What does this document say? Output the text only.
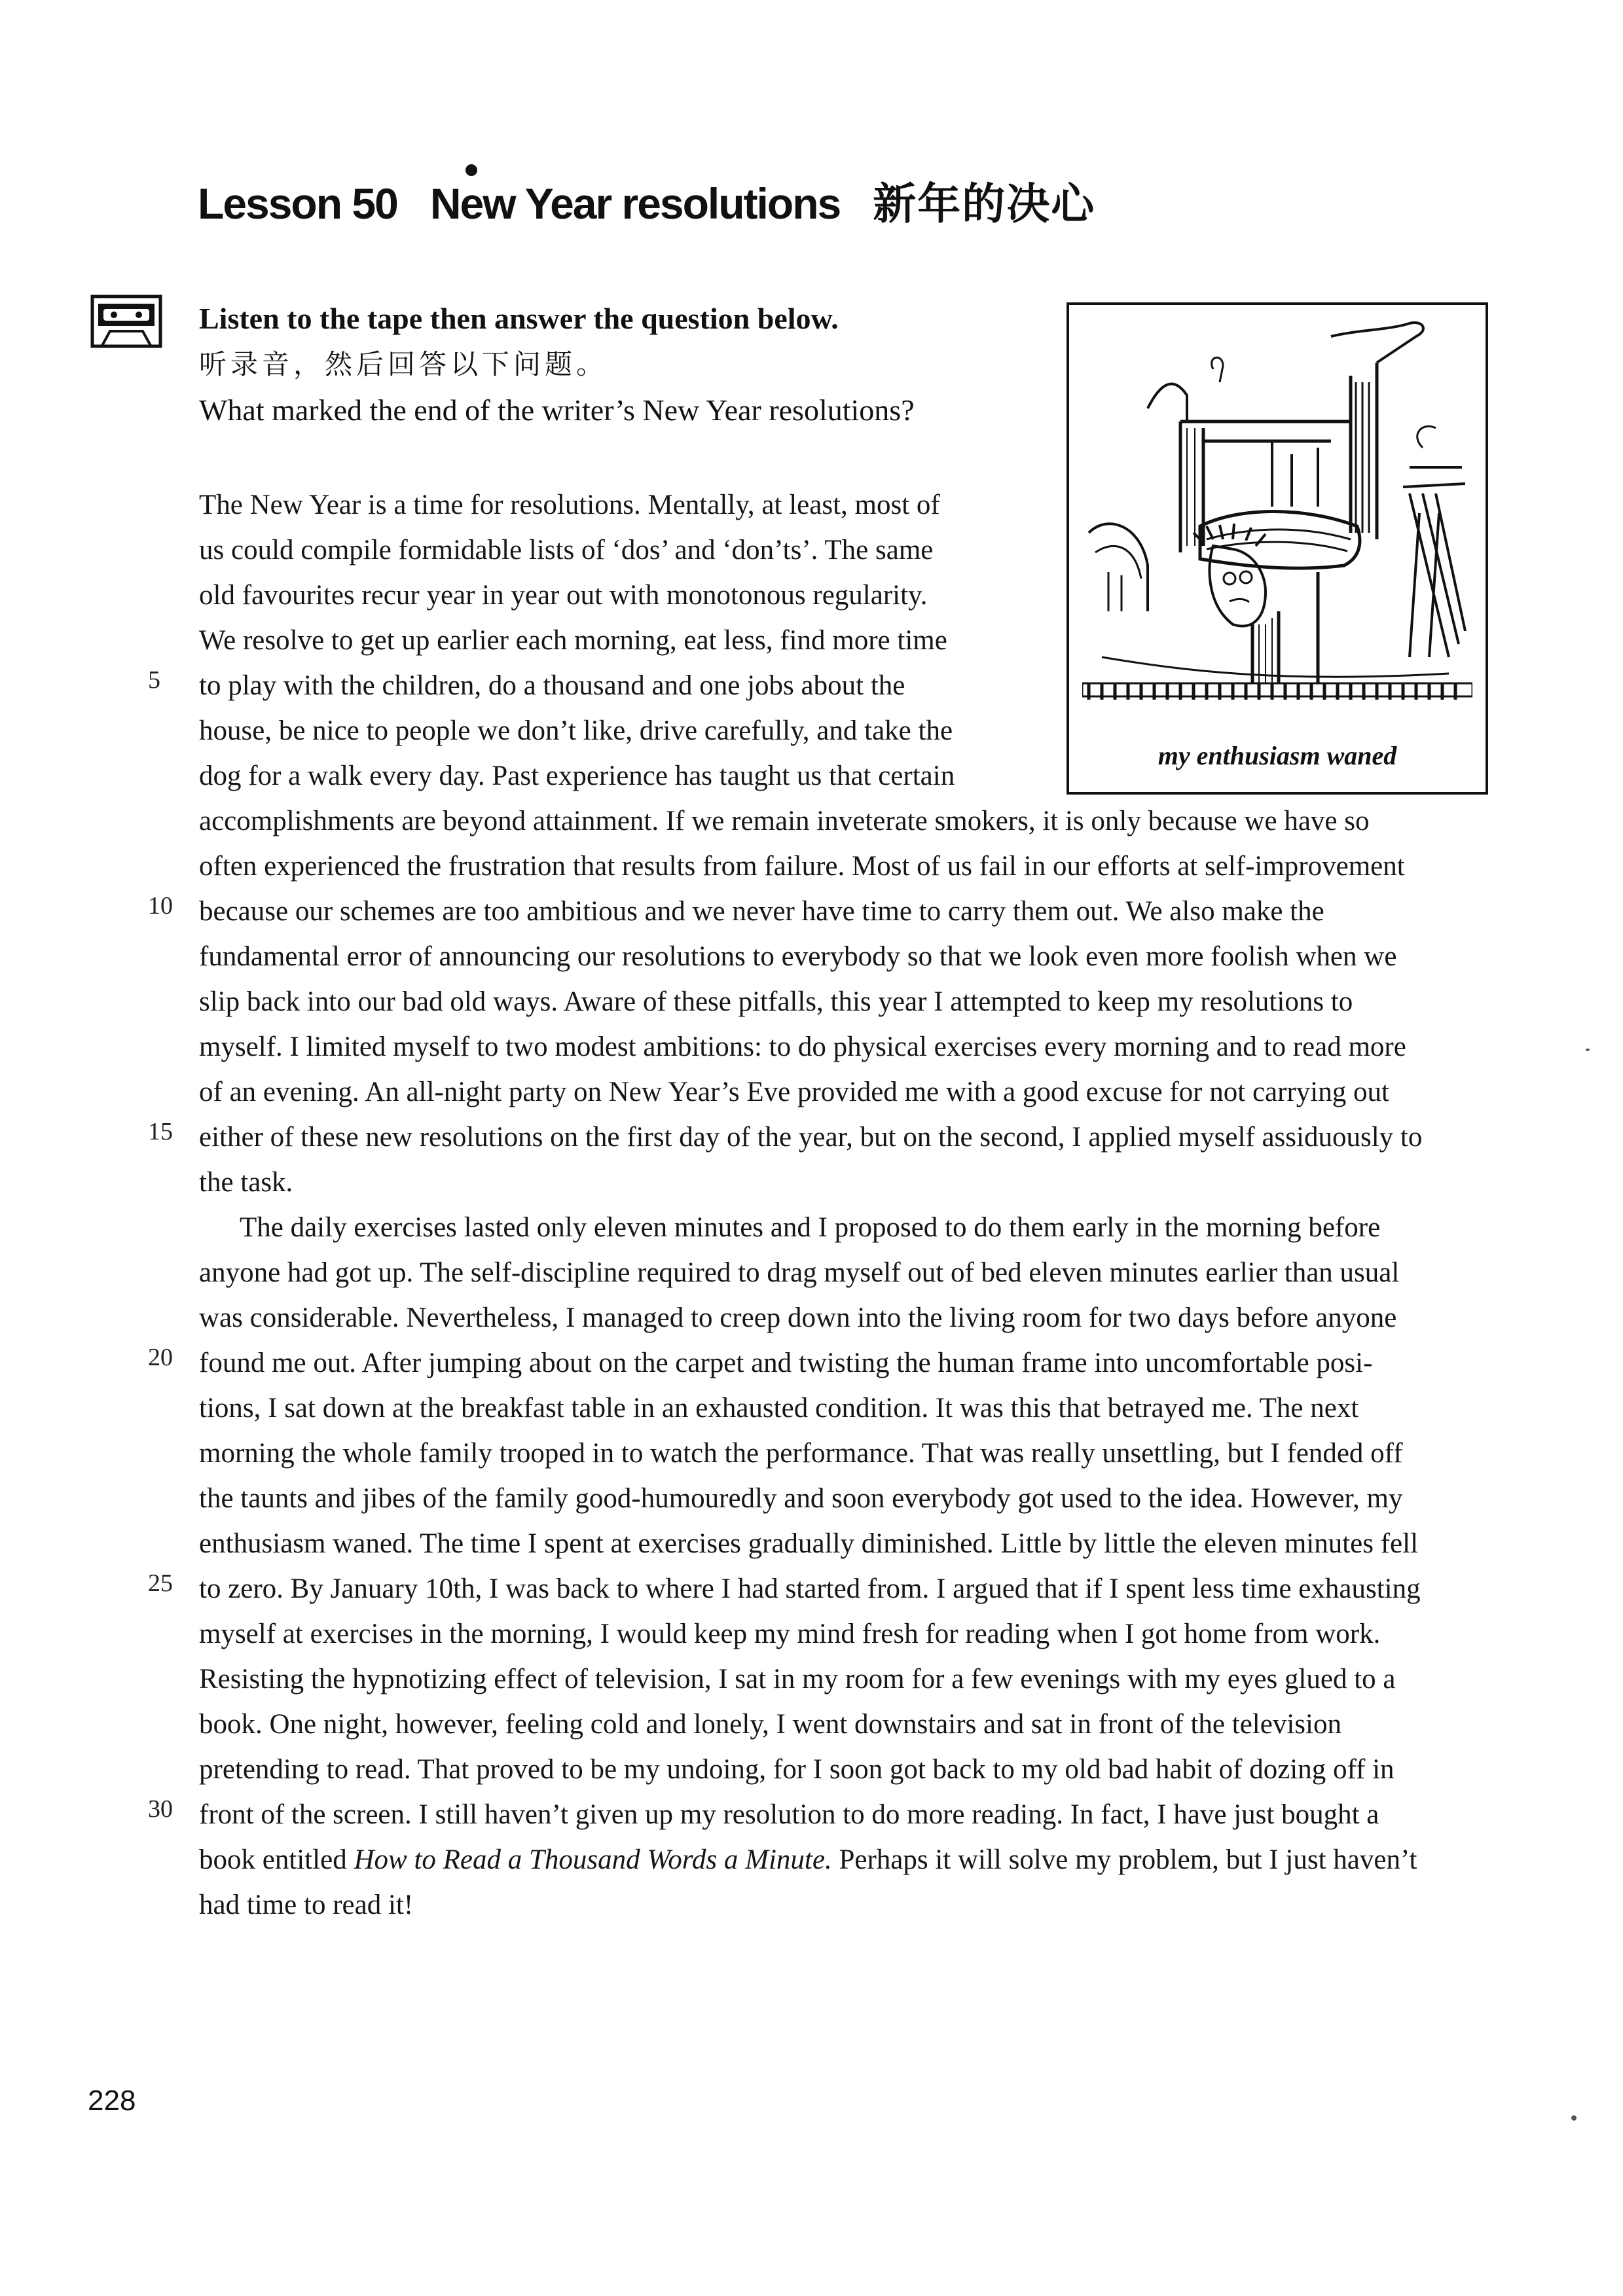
Lesson 50 New Year resolutions 新年的决心
Listen to the tape then answer the question below.
听录音，然后回答以下问题。
What marked the end of the writer’s New Year resolutions?
my enthusiasm waned
The New Year is a time for resolutions. Mentally, at least, most of
us could compile formidable lists of ‘dos’ and ‘don’ts’. The same
old favourites recur year in year out with monotonous regularity.
We resolve to get up earlier each morning, eat less, find more time
to play with the children, do a thousand and one jobs about the
house, be nice to people we don’t like, drive carefully, and take the
dog for a walk every day. Past experience has taught us that certain
accomplishments are beyond attainment. If we remain inveterate smokers, it is only because we have so
often experienced the frustration that results from failure. Most of us fail in our efforts at self-improvement
because our schemes are too ambitious and we never have time to carry them out. We also make the
fundamental error of announcing our resolutions to everybody so that we look even more foolish when we
slip back into our bad old ways. Aware of these pitfalls, this year I attempted to keep my resolutions to
myself. I limited myself to two modest ambitions: to do physical exercises every morning and to read more
of an evening. An all-night party on New Year’s Eve provided me with a good excuse for not carrying out
either of these new resolutions on the first day of the year, but on the second, I applied myself assiduously to
the task.
The daily exercises lasted only eleven minutes and I proposed to do them early in the morning before
anyone had got up. The self-discipline required to drag myself out of bed eleven minutes earlier than usual
was considerable. Nevertheless, I managed to creep down into the living room for two days before anyone
found me out. After jumping about on the carpet and twisting the human frame into uncomfortable posi-
tions, I sat down at the breakfast table in an exhausted condition. It was this that betrayed me. The next
morning the whole family trooped in to watch the performance. That was really unsettling, but I fended off
the taunts and jibes of the family good-humouredly and soon everybody got used to the idea. However, my
enthusiasm waned. The time I spent at exercises gradually diminished. Little by little the eleven minutes fell
to zero. By January 10th, I was back to where I had started from. I argued that if I spent less time exhausting
myself at exercises in the morning, I would keep my mind fresh for reading when I got home from work.
Resisting the hypnotizing effect of television, I sat in my room for a few evenings with my eyes glued to a
book. One night, however, feeling cold and lonely, I went downstairs and sat in front of the television
pretending to read. That proved to be my undoing, for I soon got back to my old bad habit of dozing off in
front of the screen. I still haven’t given up my resolution to do more reading. In fact, I have just bought a
book entitled How to Read a Thousand Words a Minute. Perhaps it will solve my problem, but I just haven’t
had time to read it!
5
10
15
20
25
30
228
